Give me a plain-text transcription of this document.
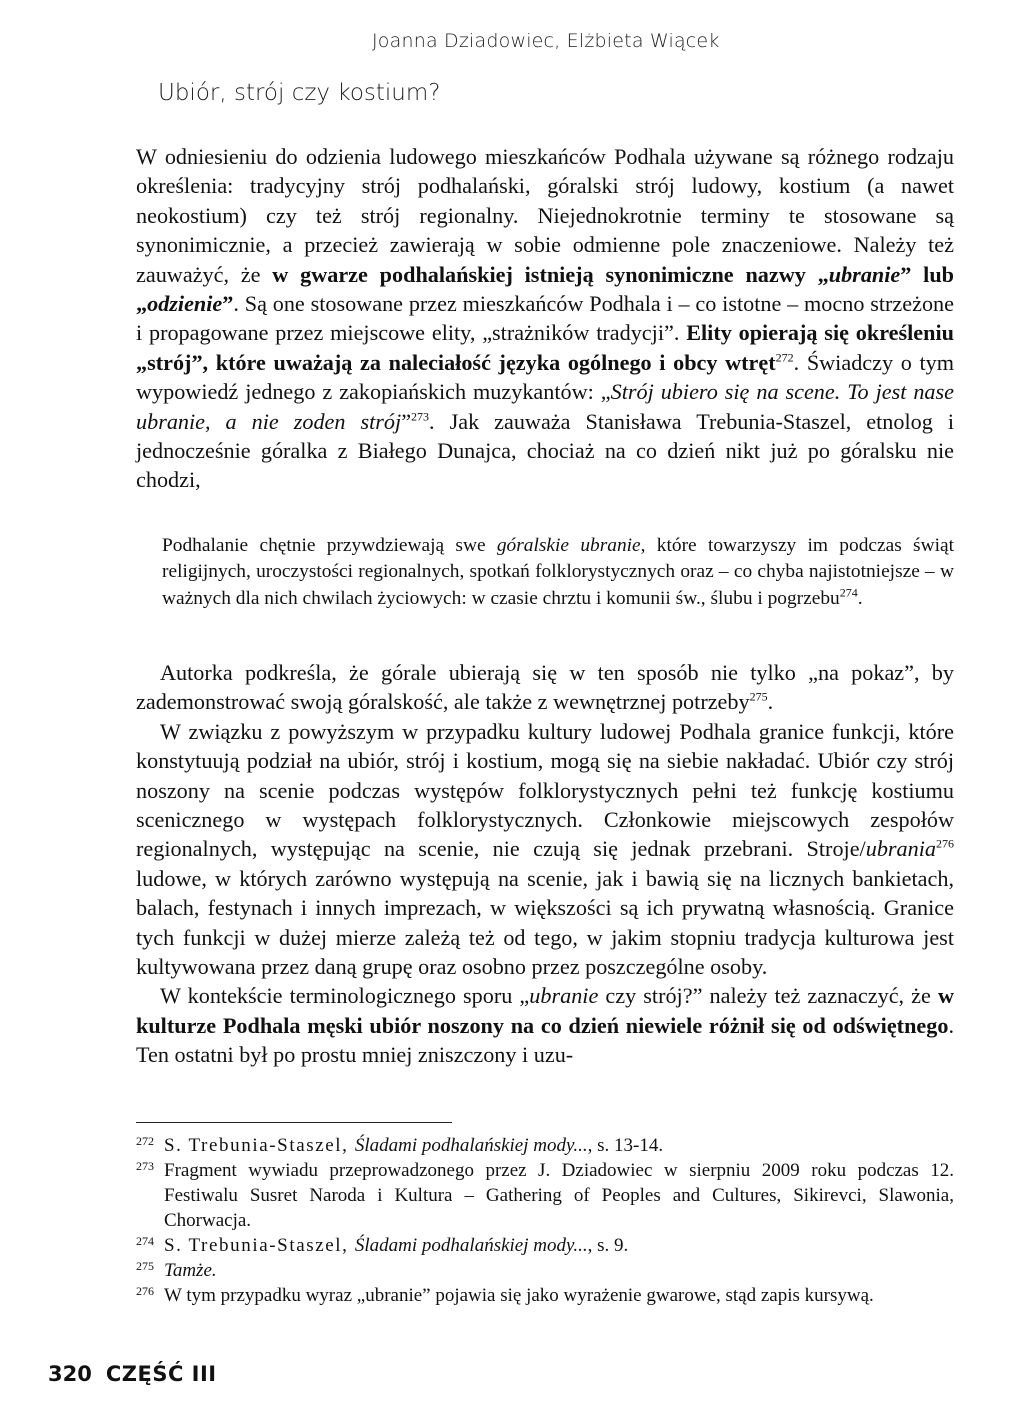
Joanna Dziadowiec, Elżbieta Wiącek
Ubiór, strój czy kostium?

W odniesieniu do odzienia ludowego mieszkańców Podhala używane są różnego rodzaju określenia: tradycyjny strój podhalański, góralski strój ludowy, kostium (a nawet neokostium) czy też strój regionalny. Niejednokrotnie terminy te stosowane są synonimicznie, a przecież zawierają w sobie odmienne pole znaczeniowe. Należy też zauważyć, że w gwarze podhalańskiej istnieją synonimiczne nazwy „ubranie” lub „odzienie”. Są one stosowane przez mieszkańców Podhala i – co istotne – mocno strzeżone i propagowane przez miejscowe elity, „strażników tradycji”. Elity opierają się określeniu „strój”, które uważają za naleciałość języka ogólnego i obcy wtręt$^{272}$. Świadczy o tym wypowiedź jednego z zakopiańskich muzykantów: „Strój ubiero się na scene. To jest nase ubranie, a nie zoden strój”$^{273}$. Jak zauważa Stanisława Trebunia-Staszel, etnolog i jednocześnie góralka z Białego Dunajca, chociaż na co dzień nikt już po góralsku nie chodzi,

Podhalanie chętnie przywdziewają swe góralskie ubranie, które towarzyszy im podczas świąt religijnych, uroczystości regionalnych, spotkań folklorystycznych oraz – co chyba najistotniejsze – w ważnych dla nich chwilach życiowych: w czasie chrztu i komunii św., ślubu i pogrzebu$^{274}$.

Autorka podkreśla, że górale ubierają się w ten sposób nie tylko „na pokaz”, by zademonstrować swoją góralskość, ale także z wewnętrznej potrzeby$^{275}$.

W związku z powyższym w przypadku kultury ludowej Podhala granice funkcji, które konstytuują podział na ubiór, strój i kostium, mogą się na siebie nakładać. Ubiór czy strój noszony na scenie podczas występów folklorystycznych pełni też funkcję kostiumu scenicznego w występach folklorystycznych. Członkowie miejscowych zespołów regionalnych, występując na scenie, nie czują się jednak przebrani. Stroje/ubrania$^{276}$ ludowe, w których zarówno występują na scenie, jak i bawią się na licznych bankietach, balach, festynach i innych imprezach, w większości są ich prywatną własnością. Granice tych funkcji w dużej mierze zależą też od tego, w jakim stopniu tradycja kulturowa jest kultywowana przez daną grupę oraz osobno przez poszczególne osoby.

W kontekście terminologicznego sporu „ubranie czy strój?” należy też zaznaczyć, że w kulturze Podhala męski ubiór noszony na co dzień niewiele różnił się od odświętnego. Ten ostatni był po prostu mniej zniszczony i uzu-

272 S. Trebunia-Staszel, Śladami podhalańskiej mody..., s. 13-14.
273 Fragment wywiadu przeprowadzonego przez J. Dziadowiec w sierpniu 2009 roku podczas 12. Festiwalu Susret Naroda i Kultura – Gathering of Peoples and Cultures, Sikirevci, Slawonia, Chorwacja.
274 S. Trebunia-Staszel, Śladami podhalańskiej mody..., s. 9.
275 Tamże.
276 W tym przypadku wyraz „ubranie” pojawia się jako wyrażenie gwarowe, stąd zapis kursywą.
320 CZĘŚĆ III
